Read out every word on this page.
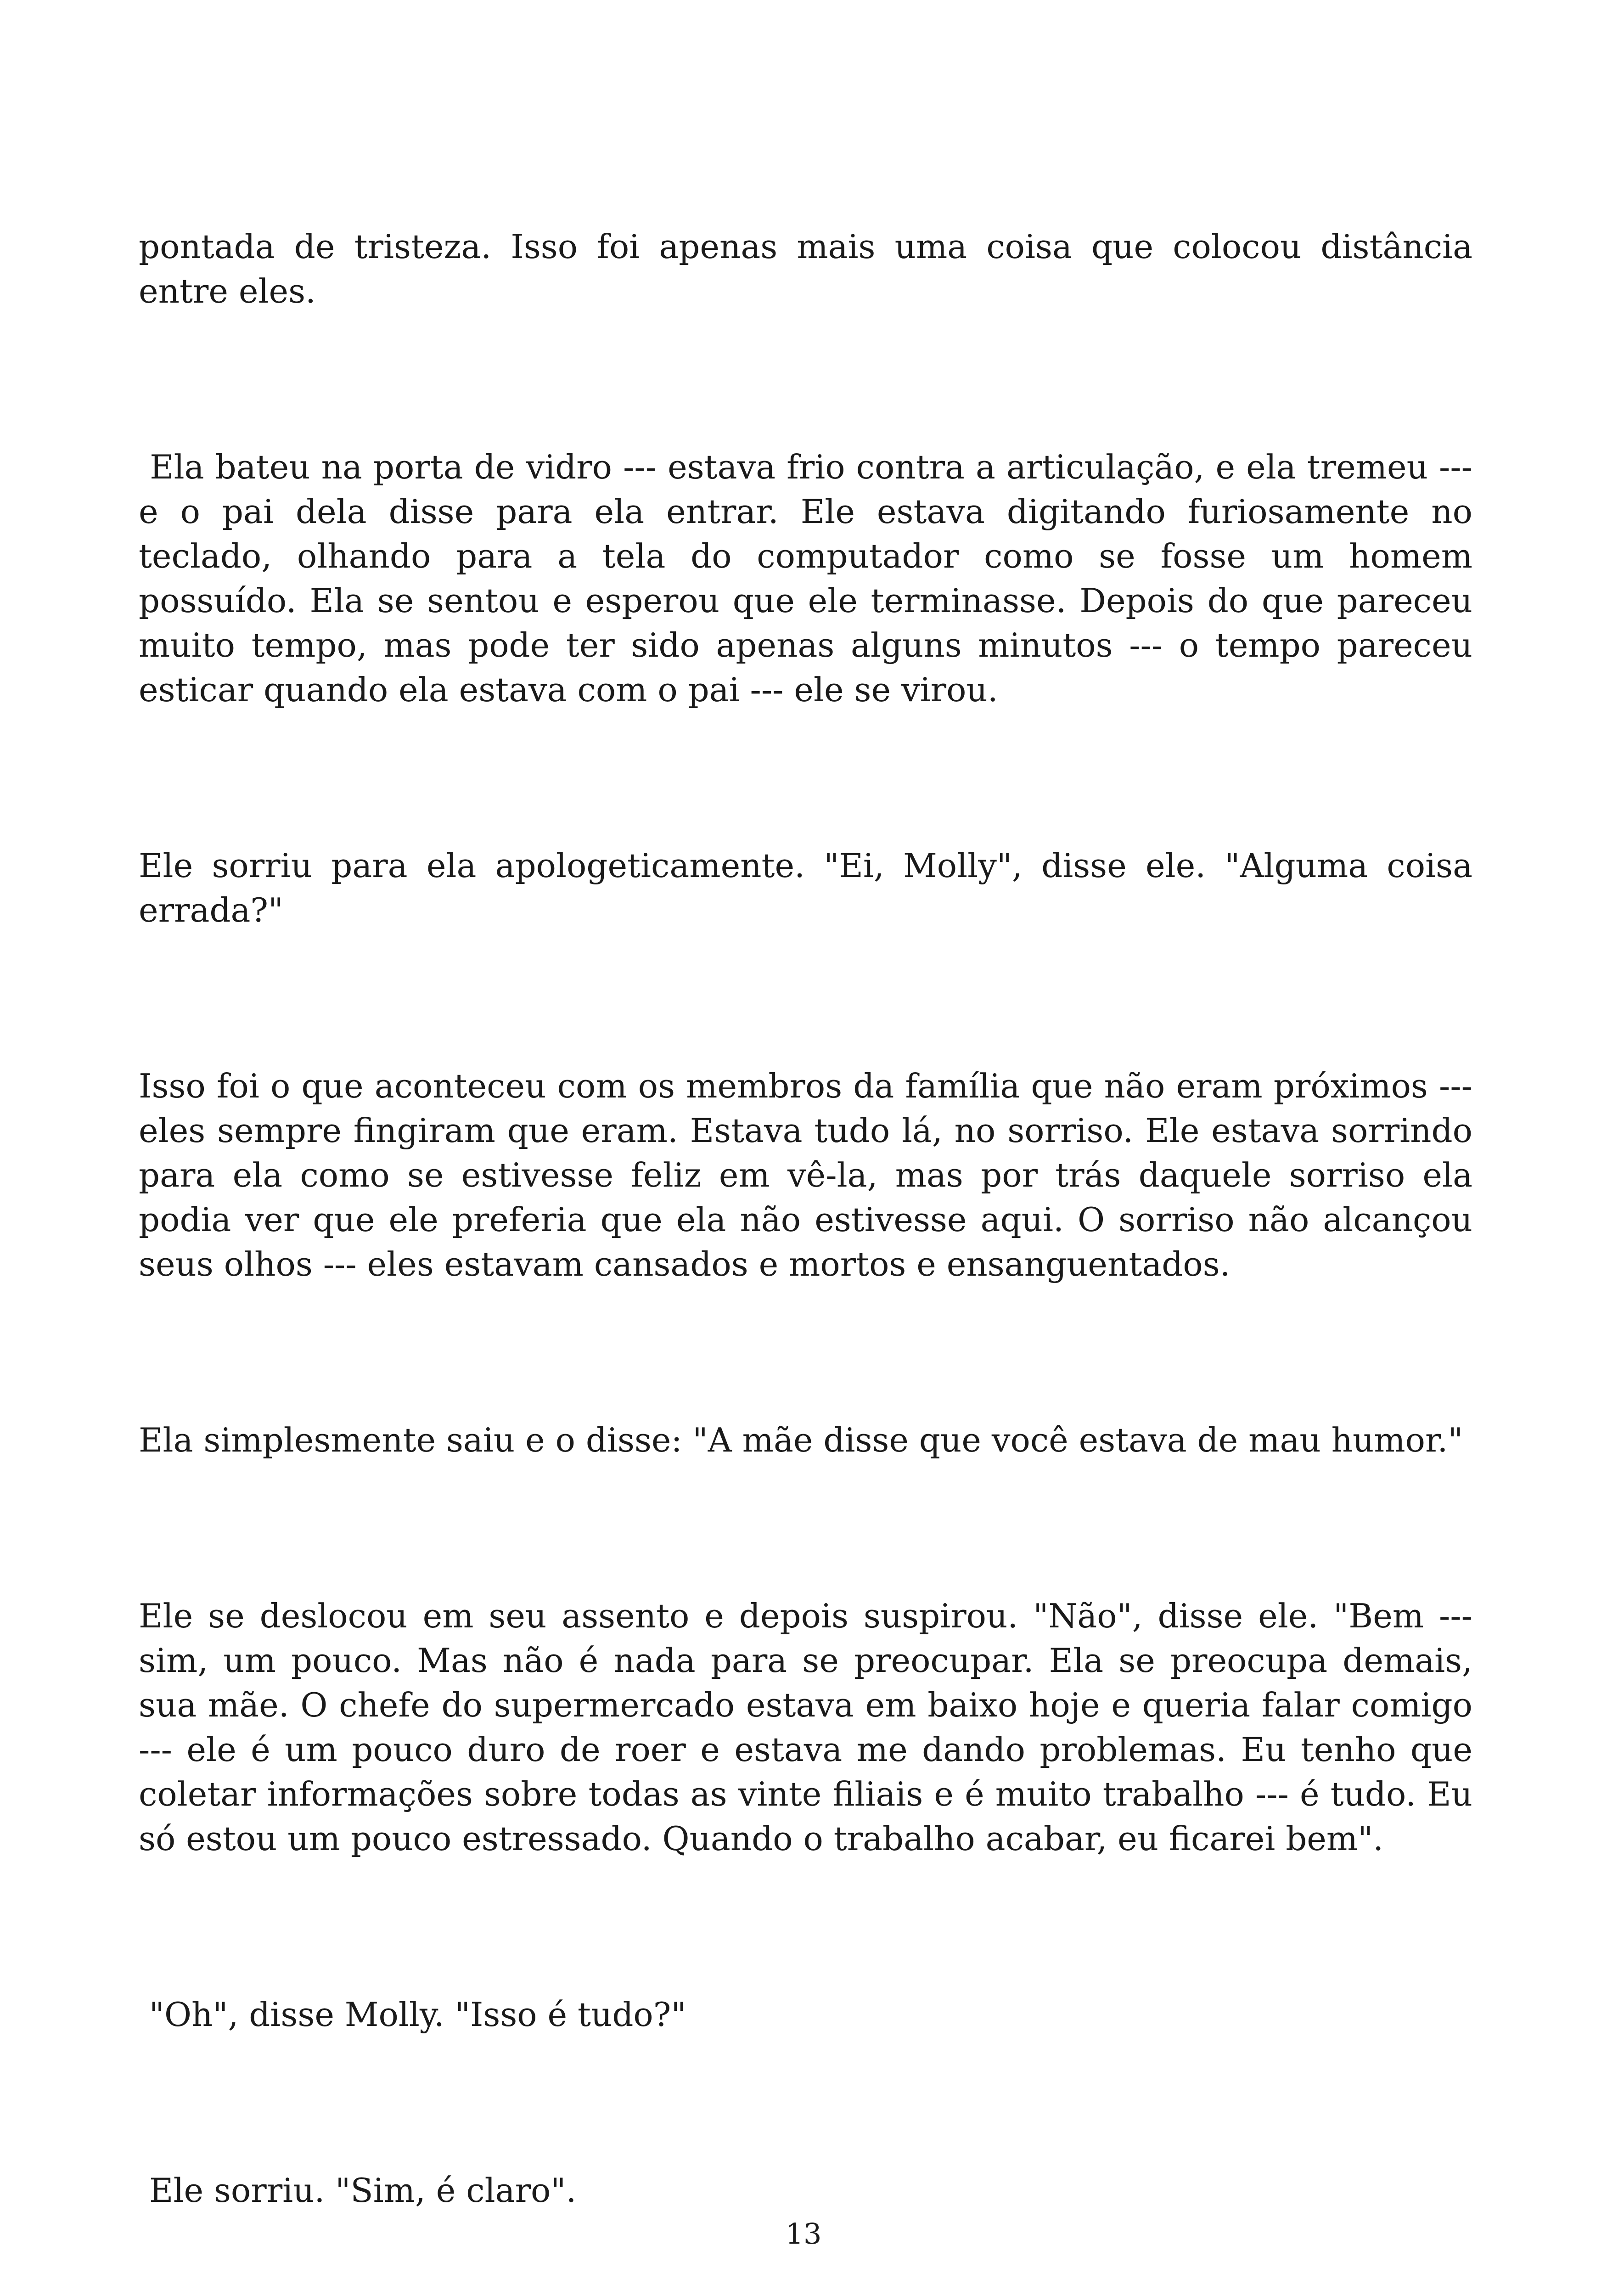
pontada de tristeza. Isso foi apenas mais uma coisa que colocou distância entre eles.

Ela bateu na porta de vidro --- estava frio contra a articulação, e ela tremeu --- e o pai dela disse para ela entrar. Ele estava digitando furiosamente no teclado, olhando para a tela do computador como se fosse um homem possuído. Ela se sentou e esperou que ele terminasse. Depois do que pareceu muito tempo, mas pode ter sido apenas alguns minutos --- o tempo pareceu esticar quando ela estava com o pai --- ele se virou.

Ele sorriu para ela apologeticamente. "Ei, Molly", disse ele. "Alguma coisa errada?"

Isso foi o que aconteceu com os membros da família que não eram próximos --- eles sempre fingiram que eram. Estava tudo lá, no sorriso. Ele estava sorrindo para ela como se estivesse feliz em vê-la, mas por trás daquele sorriso ela podia ver que ele preferia que ela não estivesse aqui. O sorriso não alcançou seus olhos --- eles estavam cansados e mortos e ensanguentados.

Ela simplesmente saiu e o disse: "A mãe disse que você estava de mau humor."

Ele se deslocou em seu assento e depois suspirou. "Não", disse ele. "Bem --- sim, um pouco. Mas não é nada para se preocupar. Ela se preocupa demais, sua mãe. O chefe do supermercado estava em baixo hoje e queria falar comigo --- ele é um pouco duro de roer e estava me dando problemas. Eu tenho que coletar informações sobre todas as vinte filiais e é muito trabalho --- é tudo. Eu só estou um pouco estressado. Quando o trabalho acabar, eu ficarei bem".

"Oh", disse Molly. "Isso é tudo?"

Ele sorriu. "Sim, é claro".

13
